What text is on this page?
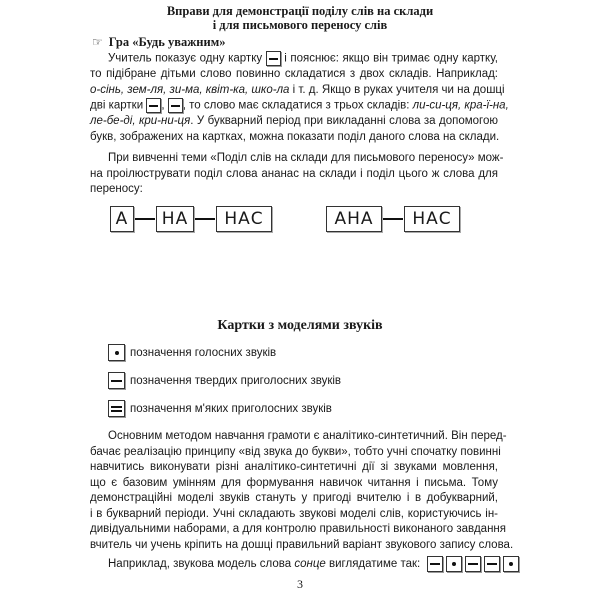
Вправи для демонстрації поділу слів на склади
і для письмового переносу слів
☞ Гра «Будь уважним»
Учитель показує одну картку і пояснює: якщо він тримає одну картку,
то підібране дітьми слово повинно складатися з двох складів. Наприклад:
о-сінь, зем-ля, зи-ма, квіт-ка, шко-ла і т. д. Якщо в руках учителя чи на дошці
дві картки , , то слово має складатися з трьох складів: ли-си-ця, кра-ї-на,
ле-бе-ді, кри-ни-ця. У букварний період при викладанні слова за допомогою
букв, зображених на картках, можна показати поділ даного слова на склади.
При вивченні теми «Поділ слів на склади для письмового переносу» мож-
на проілюструвати поділ слова ананас на склади і поділ цього ж слова для
переносу:
А	НА	НАС	АНА	НАС
Картки з моделями звуків
позначення голосних звуків
позначення твердих приголосних звуків
позначення м'яких приголосних звуків
Основним методом навчання грамоти є аналітико-синтетичний. Він перед-
бачає реалізацію принципу «від звука до букви», тобто учні спочатку повинні
навчитись виконувати різні аналітико-синтетичні дії зі звуками мовлення,
що є базовим умінням для формування навичок читання і письма. Тому
демонстраційні моделі звуків стануть у пригоді вчителю і в добукварний,
і в букварний періоди. Учні складають звукові моделі слів, користуючись ін-
дивідуальними наборами, а для контролю правильності виконаного завдання
вчитель чи учень кріпить на дошці правильний варіант звукового запису слова.
Наприклад, звукова модель слова сонце виглядатиме так:
3
